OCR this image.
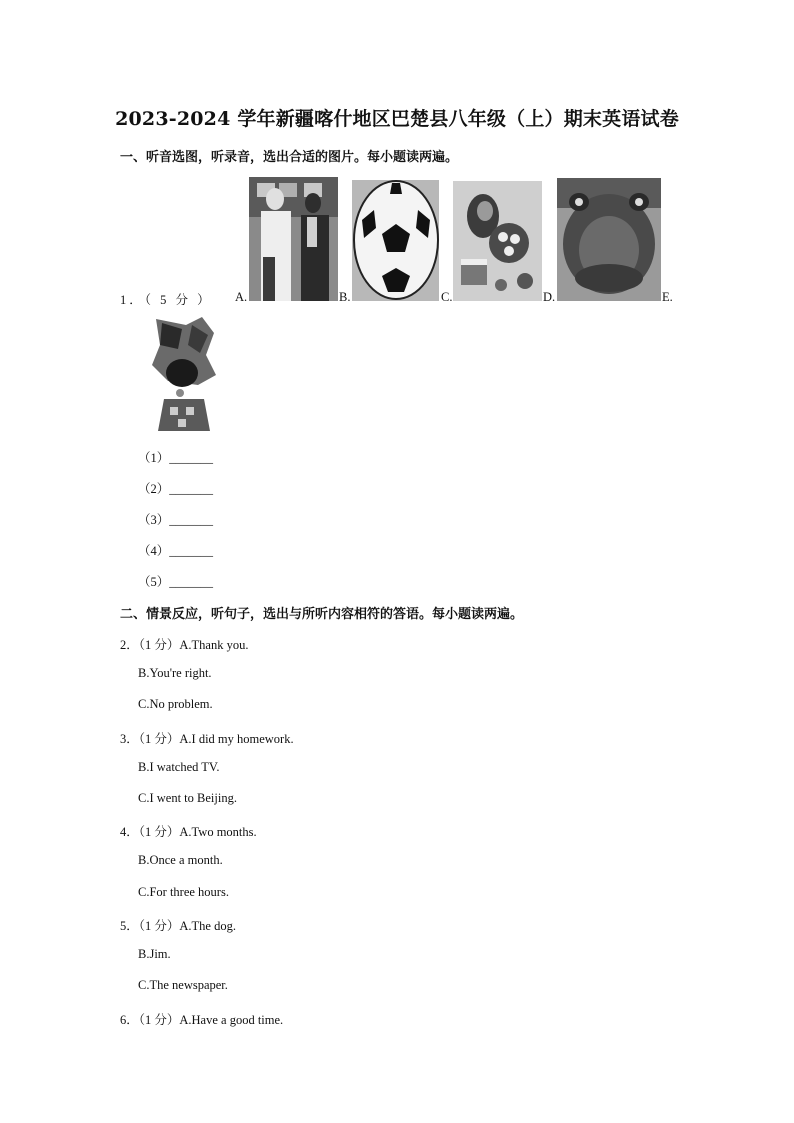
2023-2024 学年新疆喀什地区巴楚县八年级（上）期末英语试卷
一、听音选图，听录音，选出合适的图片。每小题读两遍。
1．（ 5 分 ） A.	B.	C.	D.	E.
（1）_______
（2）_______
（3）_______
（4）_______
（5）_______
二、情景反应，听句子，选出与所听内容相符的答语。每小题读两遍。
2．（1 分）A.Thank you.
B.You're right.
C.No problem.
3．（1 分）A.I did my homework.
B.I watched TV.
C.I went to Beijing.
4．（1 分）A.Two months.
B.Once a month.
C.For three hours.
5．（1 分）A.The dog.
B.Jim.
C.The newspaper.
6．（1 分）A.Have a good time.
